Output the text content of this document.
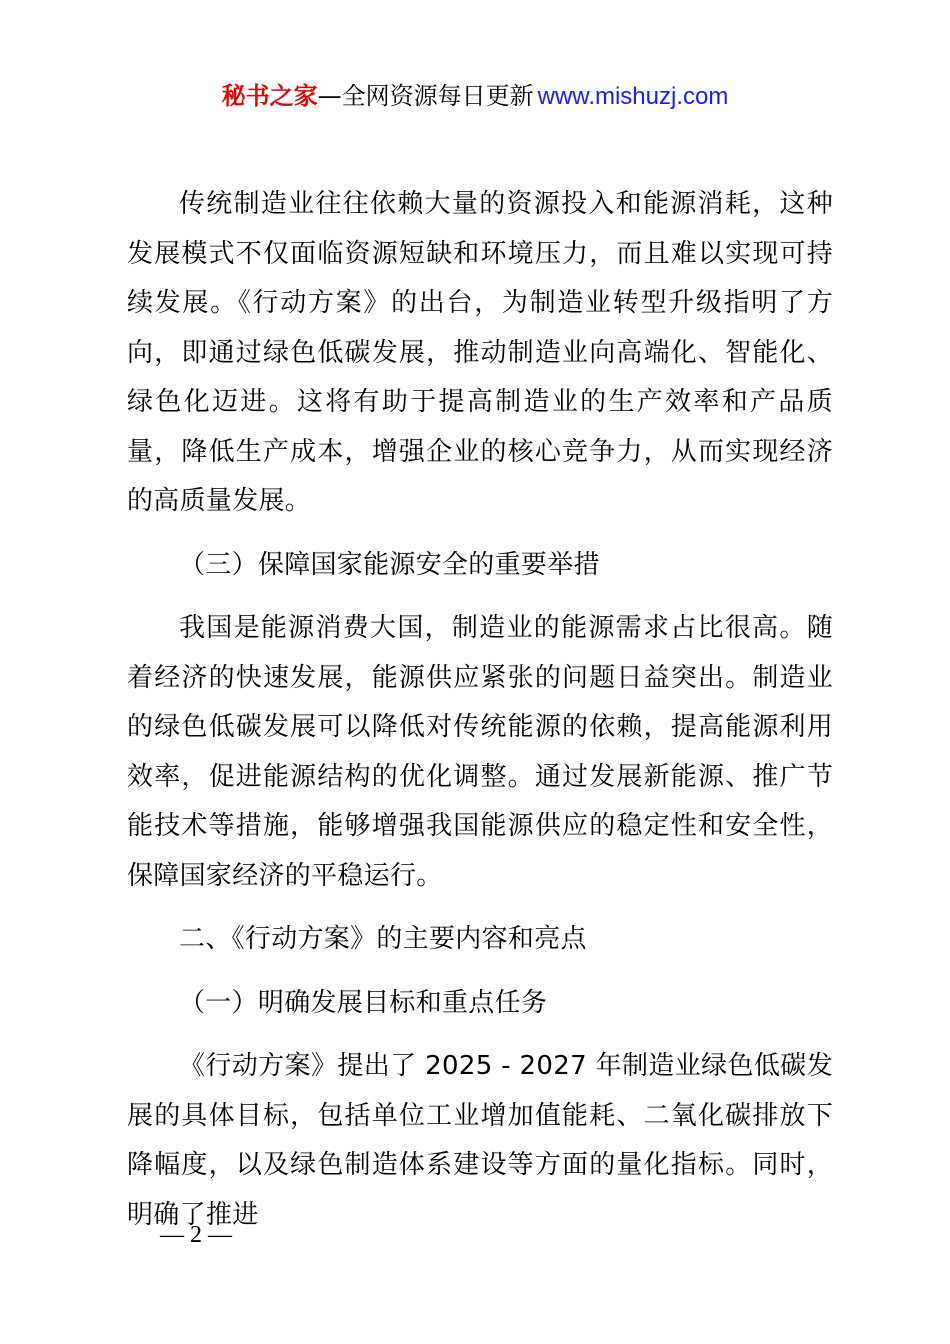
秘书之家—全网资源每日更新 www.mishuzj.com

传统制造业往往依赖大量的资源投入和能源消耗，这种发展模式不仅面临资源短缺和环境压力，而且难以实现可持续发展。《行动方案》的出台，为制造业转型升级指明了方向，即通过绿色低碳发展，推动制造业向高端化、智能化、绿色化迈进。这将有助于提高制造业的生产效率和产品质量，降低生产成本，增强企业的核心竞争力，从而实现经济的高质量发展。

（三）保障国家能源安全的重要举措

我国是能源消费大国，制造业的能源需求占比很高。随着经济的快速发展，能源供应紧张的问题日益突出。制造业的绿色低碳发展可以降低对传统能源的依赖，提高能源利用效率，促进能源结构的优化调整。通过发展新能源、推广节能技术等措施，能够增强我国能源供应的稳定性和安全性，保障国家经济的平稳运行。

二、《行动方案》的主要内容和亮点

（一）明确发展目标和重点任务

《行动方案》提出了 2025 - 2027 年制造业绿色低碳发展的具体目标，包括单位工业增加值能耗、二氧化碳排放下降幅度，以及绿色制造体系建设等方面的量化指标。同时，明确了推进

— 2 —
